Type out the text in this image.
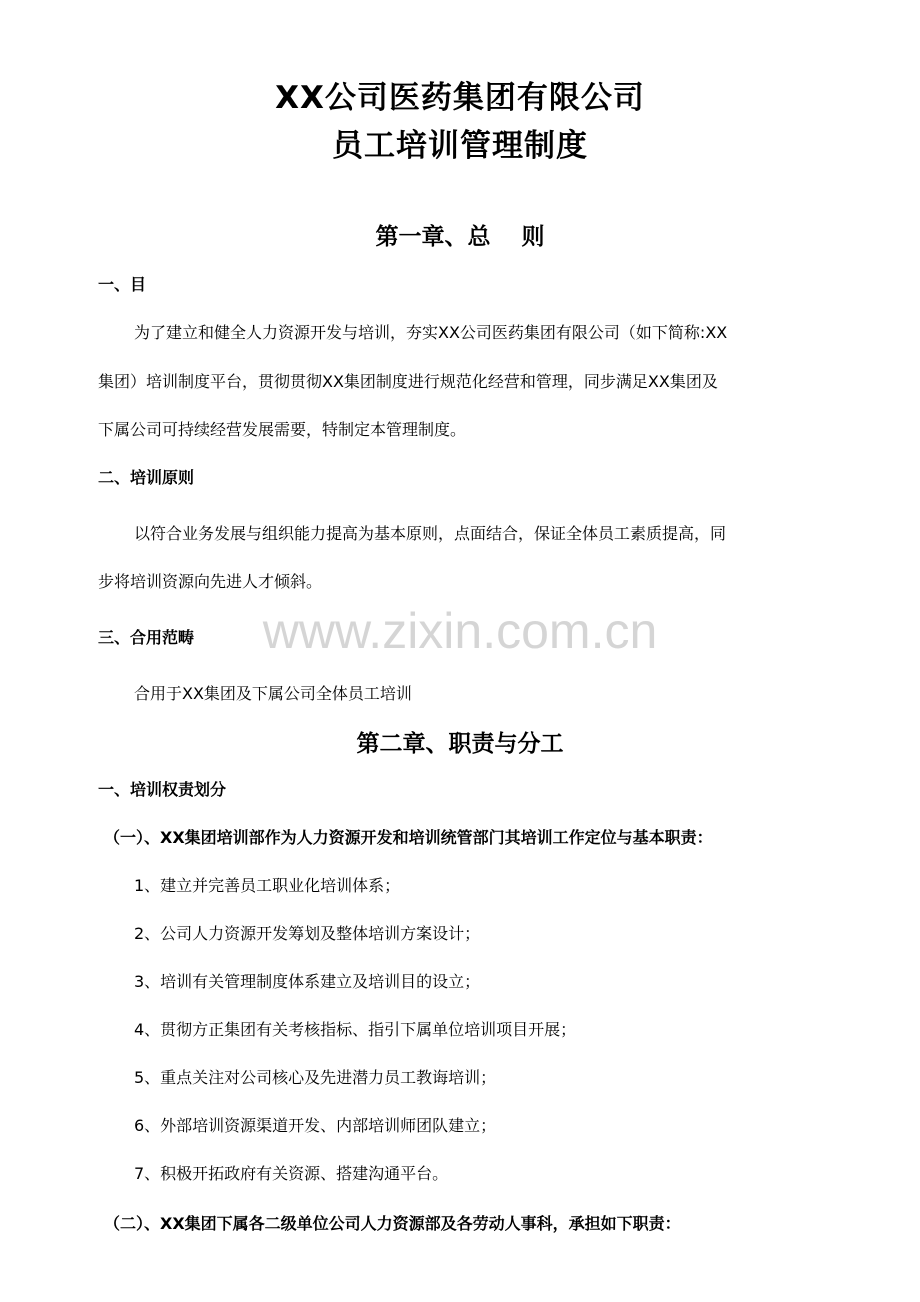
XX公司医药集团有限公司
员工培训管理制度
第一章、总　 则

一、目

为了建立和健全人力资源开发与培训，夯实XX公司医药集团有限公司（如下简称:XX

集团）培训制度平台，贯彻贯彻XX集团制度进行规范化经营和管理，同步满足XX集团及

下属公司可持续经营发展需要，特制定本管理制度。

二、培训原则

以符合业务发展与组织能力提高为基本原则，点面结合，保证全体员工素质提高，同

步将培训资源向先进人才倾斜。

三、合用范畴

合用于XX集团及下属公司全体员工培训

第二章、职责与分工

一、培训权责划分

（一）、XX集团培训部作为人力资源开发和培训统管部门其培训工作定位与基本职责：

1、建立并完善员工职业化培训体系；

2、公司人力资源开发筹划及整体培训方案设计；

3、培训有关管理制度体系建立及培训目的设立；

4、贯彻方正集团有关考核指标、指引下属单位培训项目开展；

5、重点关注对公司核心及先进潜力员工教诲培训；

6、外部培训资源渠道开发、内部培训师团队建立；

7、积极开拓政府有关资源、搭建沟通平台。

（二）、XX集团下属各二级单位公司人力资源部及各劳动人事科，承担如下职责：

www.zixin.com.cn
